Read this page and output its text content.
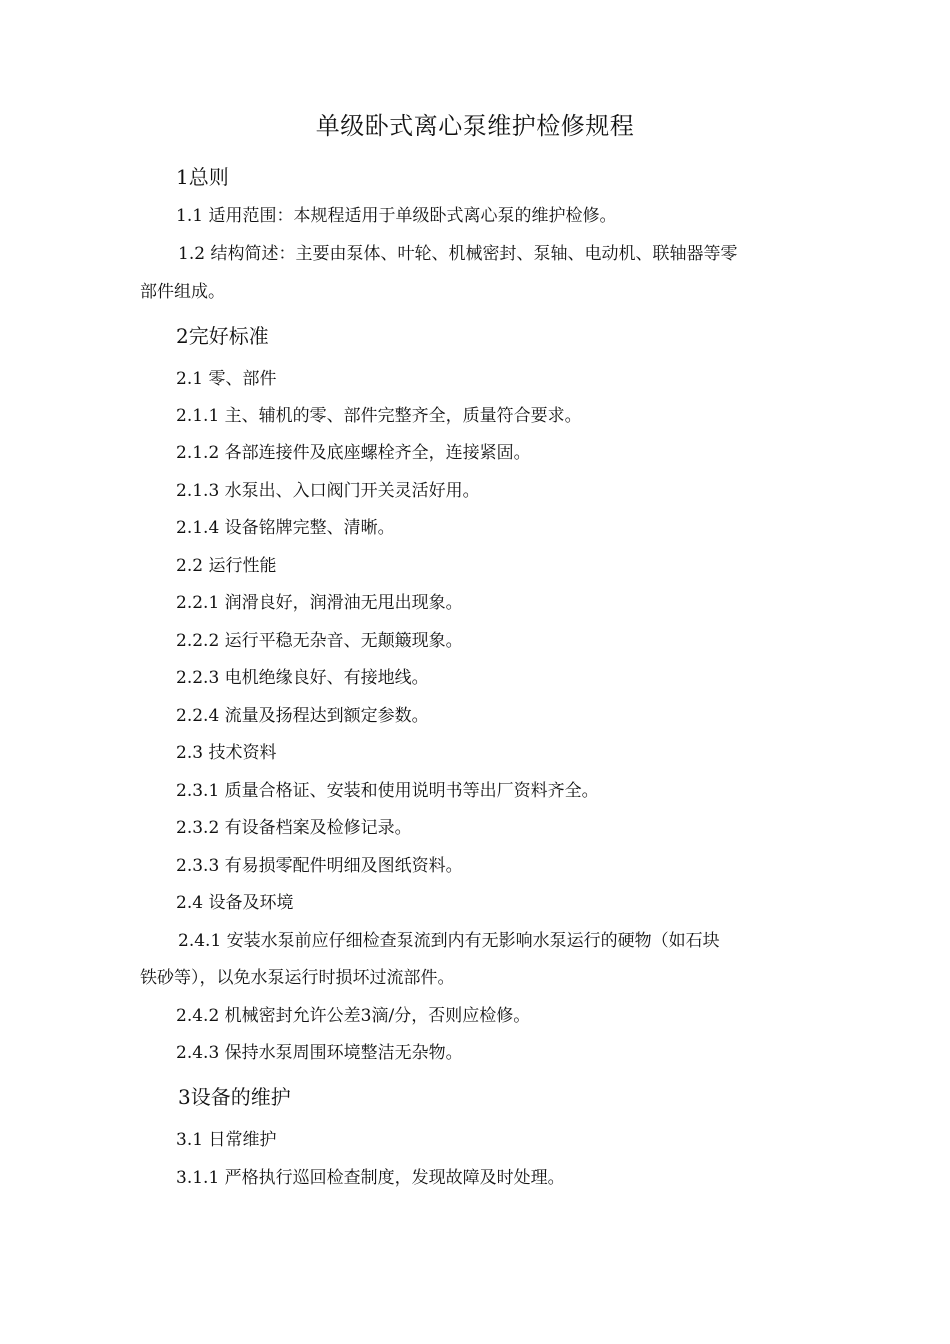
单级卧式离心泵维护检修规程
1总则
1.1 适用范围：本规程适用于单级卧式离心泵的维护检修。
1.2 结构简述：主要由泵体、叶轮、机械密封、泵轴、电动机、联轴器等零
部件组成。
2完好标准
2.1 零、部件
2.1.1 主、辅机的零、部件完整齐全，质量符合要求。
2.1.2 各部连接件及底座螺栓齐全，连接紧固。
2.1.3 水泵出、入口阀门开关灵活好用。
2.1.4 设备铭牌完整、清晰。
2.2 运行性能
2.2.1 润滑良好，润滑油无甩出现象。
2.2.2 运行平稳无杂音、无颠簸现象。
2.2.3 电机绝缘良好、有接地线。
2.2.4 流量及扬程达到额定参数。
2.3 技术资料
2.3.1 质量合格证、安装和使用说明书等出厂资料齐全。
2.3.2 有设备档案及检修记录。
2.3.3 有易损零配件明细及图纸资料。
2.4 设备及环境
2.4.1 安装水泵前应仔细检查泵流到内有无影响水泵运行的硬物（如石块
铁砂等），以免水泵运行时损坏过流部件。
2.4.2 机械密封允许公差3滴/分，否则应检修。
2.4.3 保持水泵周围环境整洁无杂物。
3设备的维护
3.1 日常维护
3.1.1 严格执行巡回检查制度，发现故障及时处理。
